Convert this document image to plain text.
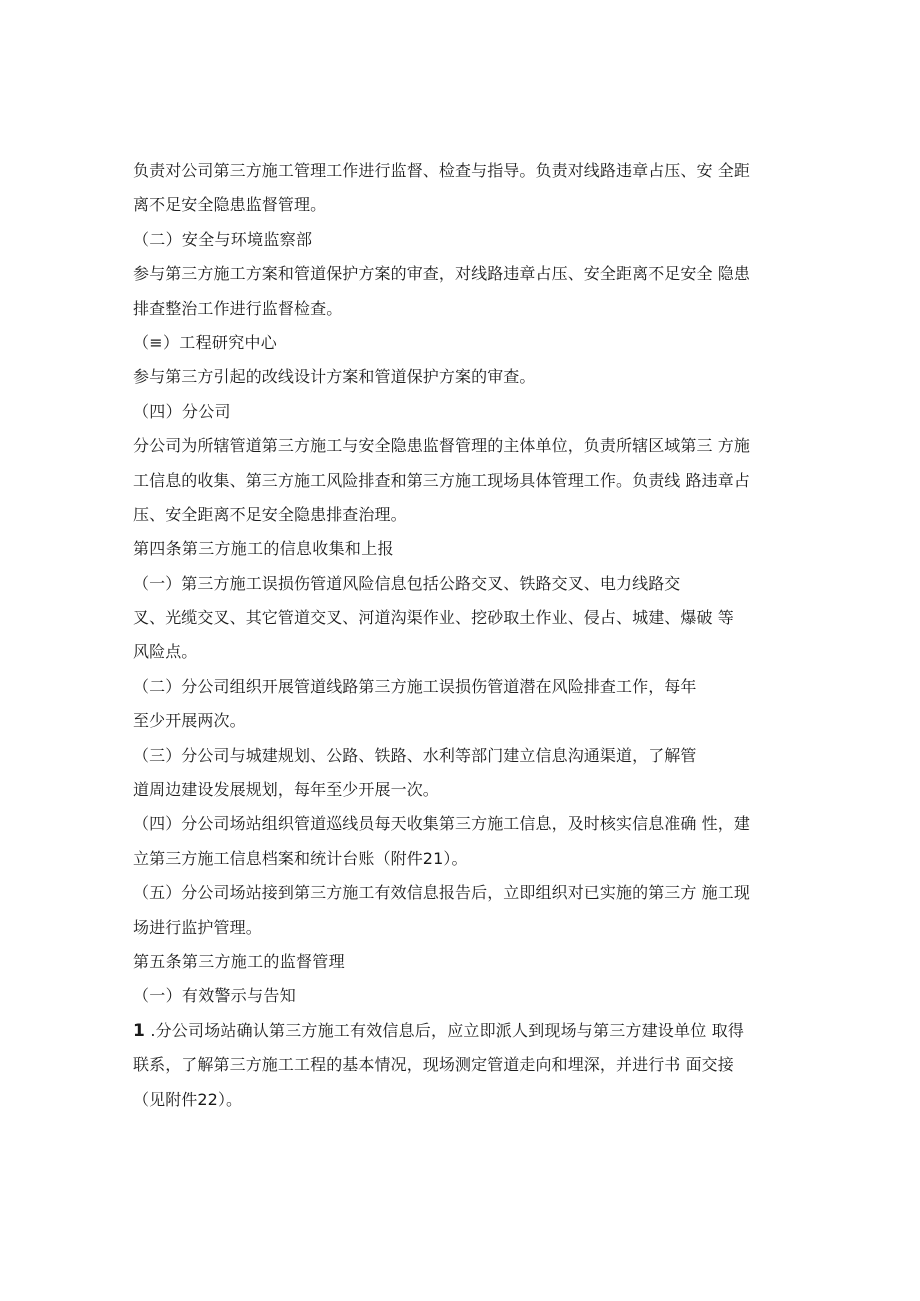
负责对公司第三方施工管理工作进行监督、检查与指导。负责对线路违章占压、安 全距
离不足安全隐患监督管理。
（二）安全与环境监察部
参与第三方施工方案和管道保护方案的审查，对线路违章占压、安全距离不足安全 隐患
排查整治工作进行监督检查。
（≡）工程研究中心
参与第三方引起的改线设计方案和管道保护方案的审查。
（四）分公司
分公司为所辖管道第三方施工与安全隐患监督管理的主体单位，负责所辖区域第三 方施
工信息的收集、第三方施工风险排查和第三方施工现场具体管理工作。负责线 路违章占
压、安全距离不足安全隐患排查治理。
第四条第三方施工的信息收集和上报
（一）第三方施工误损伤管道风险信息包括公路交叉、铁路交叉、电力线路交
叉、光缆交叉、其它管道交叉、河道沟渠作业、挖砂取土作业、侵占、城建、爆破 等
风险点。
（二）分公司组织开展管道线路第三方施工误损伤管道潜在风险排查工作，每年
至少开展两次。
（三）分公司与城建规划、公路、铁路、水利等部门建立信息沟通渠道，了解管
道周边建设发展规划，每年至少开展一次。
（四）分公司场站组织管道巡线员每天收集第三方施工信息，及时核实信息准确 性，建
立第三方施工信息档案和统计台账（附件21）。
（五）分公司场站接到第三方施工有效信息报告后，立即组织对已实施的第三方 施工现
场进行监护管理。
第五条第三方施工的监督管理
（一）有效警示与告知
1 .分公司场站确认第三方施工有效信息后，应立即派人到现场与第三方建设单位 取得
联系，了解第三方施工工程的基本情况，现场测定管道走向和埋深，并进行书 面交接
（见附件22）。
